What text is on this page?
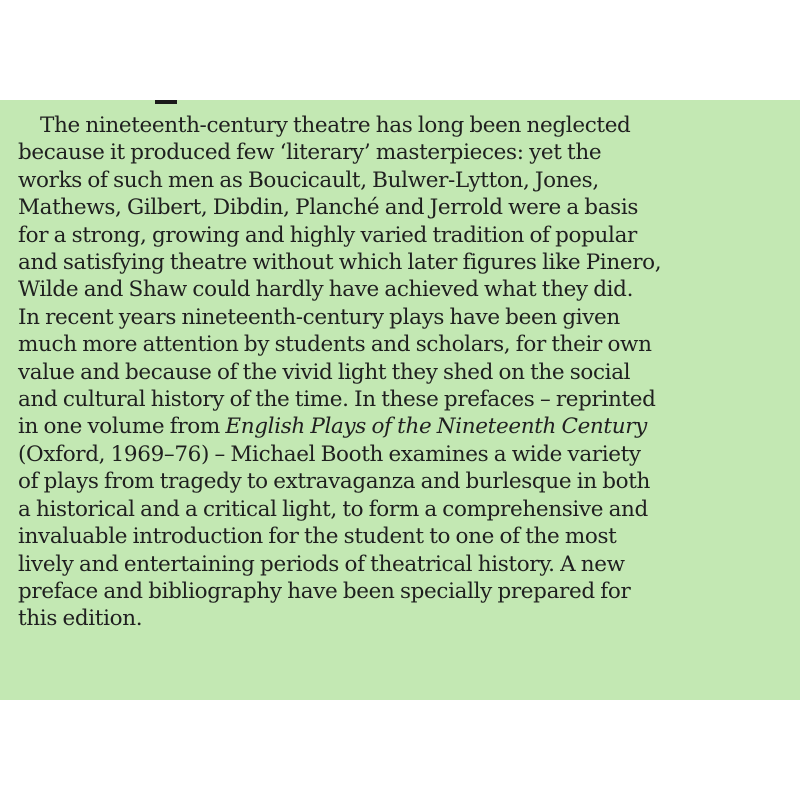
The nineteenth-century theatre has long been neglected
because it produced few ‘literary’ masterpieces: yet the
works of such men as Boucicault, Bulwer-Lytton, Jones,
Mathews, Gilbert, Dibdin, Planché and Jerrold were a basis
for a strong, growing and highly varied tradition of popular
and satisfying theatre without which later figures like Pinero,
Wilde and Shaw could hardly have achieved what they did.
In recent years nineteenth-century plays have been given
much more attention by students and scholars, for their own
value and because of the vivid light they shed on the social
and cultural history of the time. In these prefaces – reprinted
in one volume from English Plays of the Nineteenth Century
(Oxford, 1969–76) – Michael Booth examines a wide variety
of plays from tragedy to extravaganza and burlesque in both
a historical and a critical light, to form a comprehensive and
invaluable introduction for the student to one of the most
lively and entertaining periods of theatrical history. A new
preface and bibliography have been specially prepared for
this edition.
